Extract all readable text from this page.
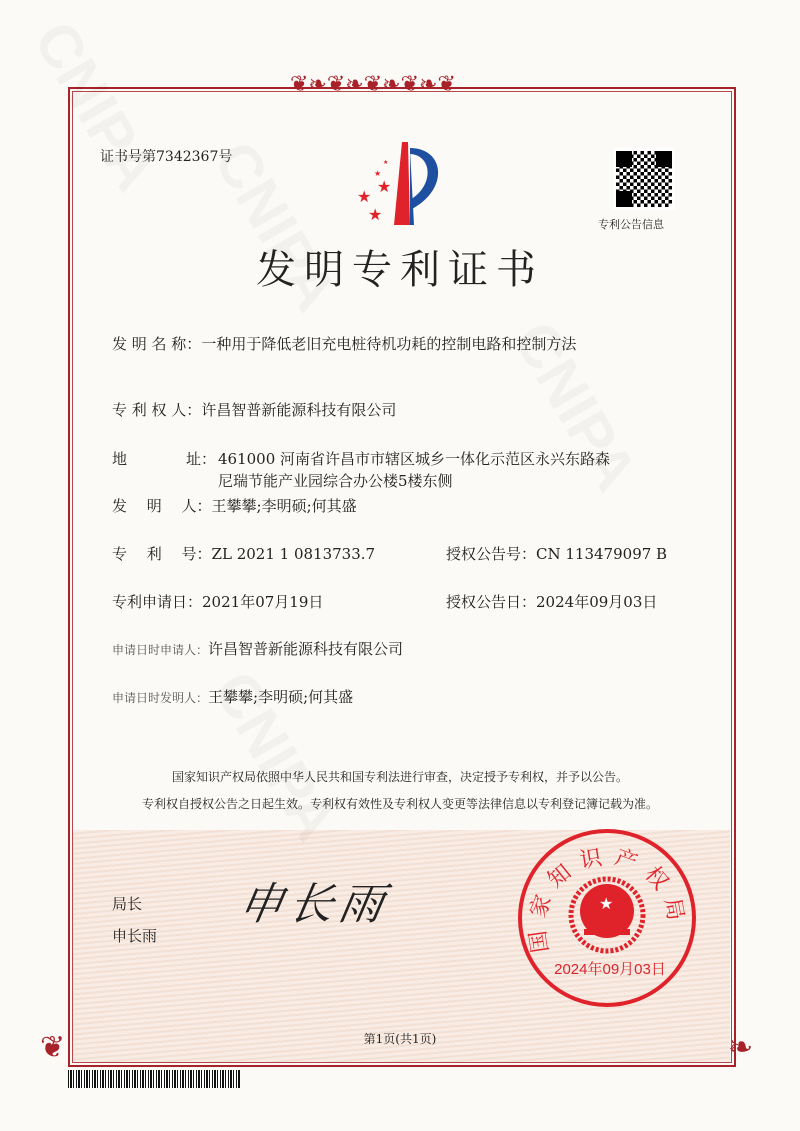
❦❧❦❧❦❧❦❧❦
❦	❧
证书号第7342367号
★
★
★
★
★
专利公告信息
发明专利证书
发 明 名 称：一种用于降低老旧充电桩待机功耗的控制电路和控制方法
专 利 权 人：许昌智普新能源科技有限公司
地	址： 461000 河南省许昌市市辖区城乡一体化示范区永兴东路森
尼瑞节能产业园综合办公楼5楼东侧
发　 明　 人：王攀攀;李明硕;何其盛
专　 利　 号：ZL 2021 1 0813733.7	授权公告号：CN 113479097 B
专利申请日：2021年07月19日	授权公告日：2024年09月03日
申请日时申请人：许昌智普新能源科技有限公司
申请日时发明人：王攀攀;李明硕;何其盛
国家知识产权局依照中华人民共和国专利法进行审查，决定授予专利权，并予以公告。
专利权自授权公告之日起生效。专利权有效性及专利权人变更等法律信息以专利登记簿记载为准。
局长
申长雨
申长雨
国家知识产权局
★
2024年09月03日
第1页(共1页)
